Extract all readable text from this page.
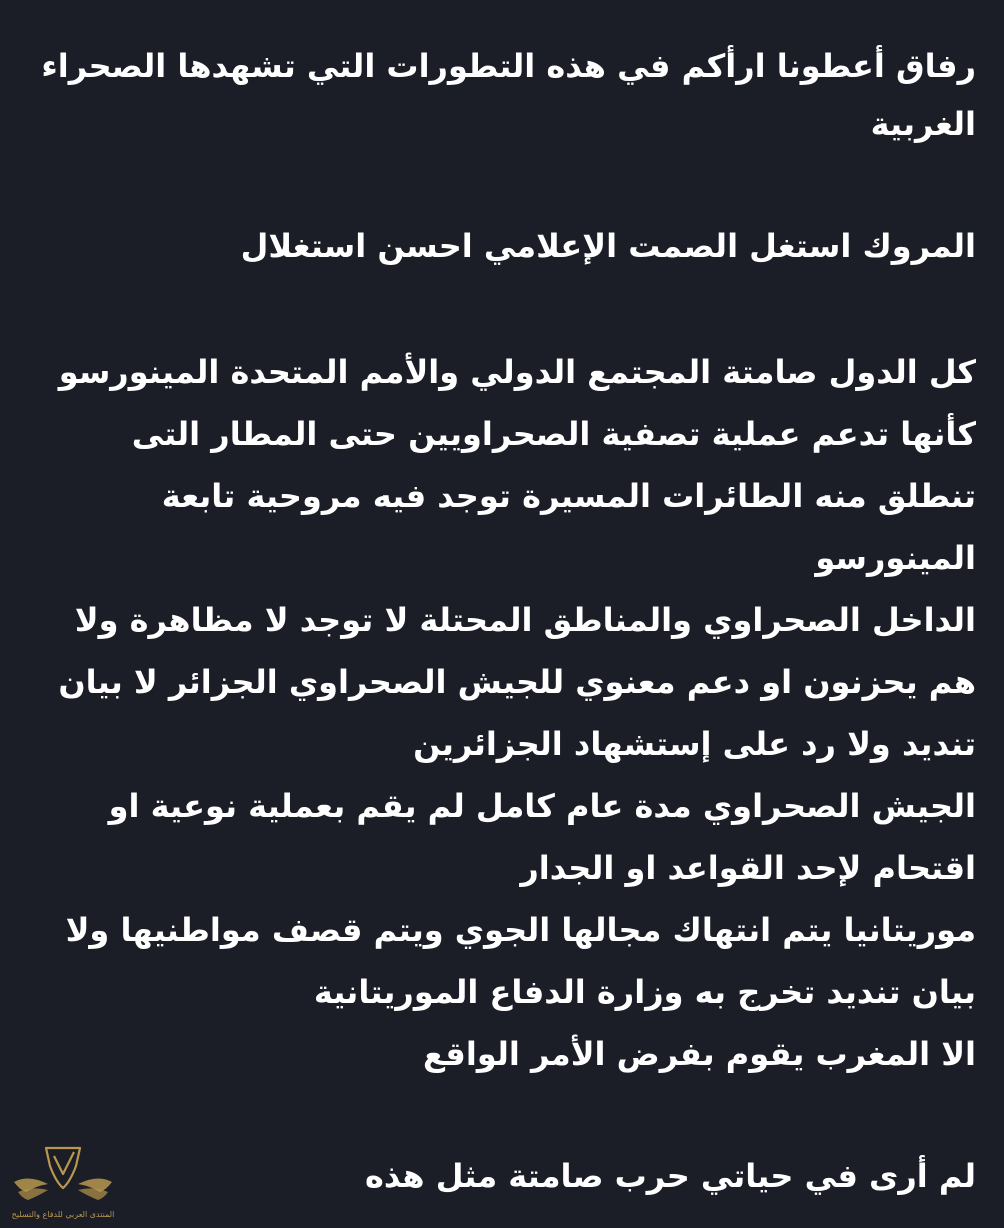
رفاق أعطونا ارأكم في هذه التطورات التي تشهدها الصحراء
الغربية
المروك استغل الصمت الإعلامي احسن استغلال
كل الدول صامتة المجتمع الدولي والأمم المتحدة المينورسو
كأنها تدعم عملية تصفية الصحراويين حتى المطار التى
تنطلق منه الطائرات المسيرة توجد فيه مروحية تابعة
المينورسو
الداخل الصحراوي والمناطق المحتلة لا توجد لا مظاهرة ولا
هم يحزنون او دعم معنوي للجيش الصحراوي الجزائر لا بيان
تنديد ولا رد على إستشهاد الجزائرين
الجيش الصحراوي مدة عام كامل لم يقم بعملية نوعية او
اقتحام لإحد القواعد او الجدار
موريتانيا يتم انتهاك مجالها الجوي ويتم قصف مواطنيها ولا
بيان تنديد تخرج به وزارة الدفاع الموريتانية
الا المغرب يقوم بفرض الأمر الواقع
لم أرى في حياتي حرب صامتة مثل هذه
المنتدى العربي للدفاع والتسليح
